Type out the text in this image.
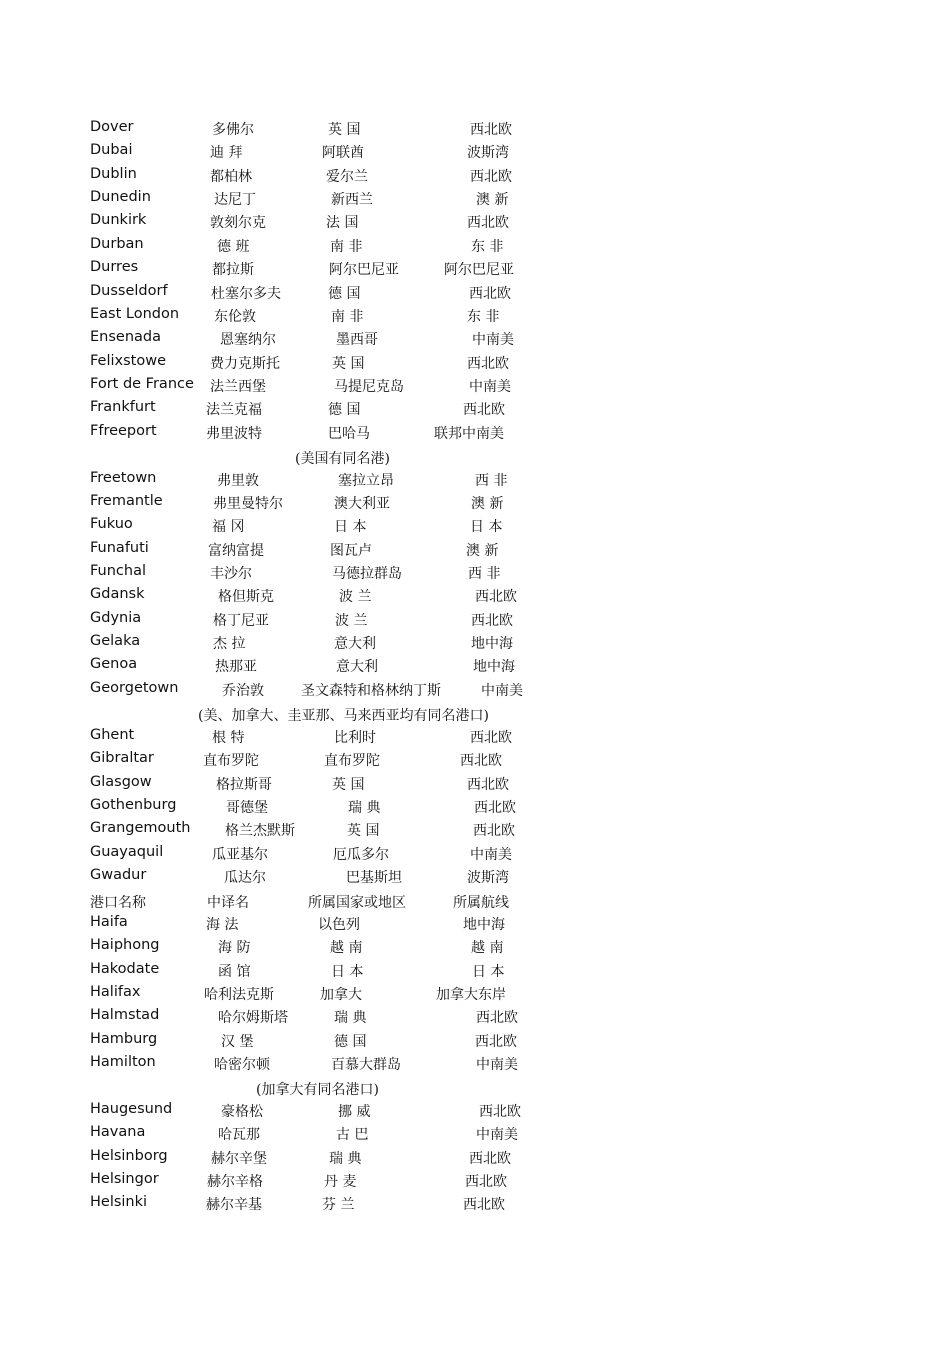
Dover	多佛尔	英 国	西北欧
Dubai	迪 拜	阿联酋	波斯湾
Dublin	都柏林	爱尔兰	西北欧
Dunedin	达尼丁	新西兰	澳 新
Dunkirk	敦刻尔克	法 国	西北欧
Durban	德 班	南 非	东 非
Durres	都拉斯	阿尔巴尼亚	阿尔巴尼亚
Dusseldorf	杜塞尔多夫	德 国	西北欧
East London 东伦敦	南 非	东 非
Ensenada	恩塞纳尔	墨西哥	中南美
Felixstowe	费力克斯托	英 国	西北欧
Fort de France 法兰西堡	马提尼克岛	中南美
Frankfurt	法兰克福	德 国	西北欧
Ffreeport	弗里波特	巴哈马	联邦中南美
(美国有同名港)
Freetown	弗里敦	塞拉立昂	西 非
Fremantle	弗里曼特尔	澳大利亚	澳 新
Fukuo	福 冈	日 本	日 本
Funafuti	富纳富提	图瓦卢	澳 新
Funchal	丰沙尔	马德拉群岛	西 非
Gdansk	格但斯克	波 兰	西北欧
Gdynia	格丁尼亚	波 兰	西北欧
Gelaka	杰 拉	意大利	地中海
Genoa	热那亚	意大利	地中海
Georgetown	乔治敦	圣文森特和格林纳丁斯	中南美
(美、加拿大、圭亚那、马来西亚均有同名港口)
Ghent	根 特	比利时	西北欧
Gibraltar	直布罗陀	直布罗陀	西北欧
Glasgow	格拉斯哥	英 国	西北欧
Gothenburg	哥德堡	瑞 典	西北欧
Grangemouth 格兰杰默斯	英 国	西北欧
Guayaquil	瓜亚基尔	厄瓜多尔	中南美
Gwadur	瓜达尔	巴基斯坦	波斯湾
港口名称	中译名	所属国家或地区	所属航线
Haifa	海 法	以色列	地中海
Haiphong	海 防	越 南	越 南
Hakodate	函 馆	日 本	日 本
Halifax	哈利法克斯	加拿大	加拿大东岸
Halmstad	哈尔姆斯塔	瑞 典	西北欧
Hamburg	汉 堡	德 国	西北欧
Hamilton	哈密尔顿	百慕大群岛	中南美
(加拿大有同名港口)
Haugesund	豪格松	挪 威	西北欧
Havana	哈瓦那	古 巴	中南美
Helsinborg	赫尔辛堡	瑞 典	西北欧
Helsingor	赫尔辛格	丹 麦	西北欧
Helsinki	赫尔辛基	芬 兰	西北欧
